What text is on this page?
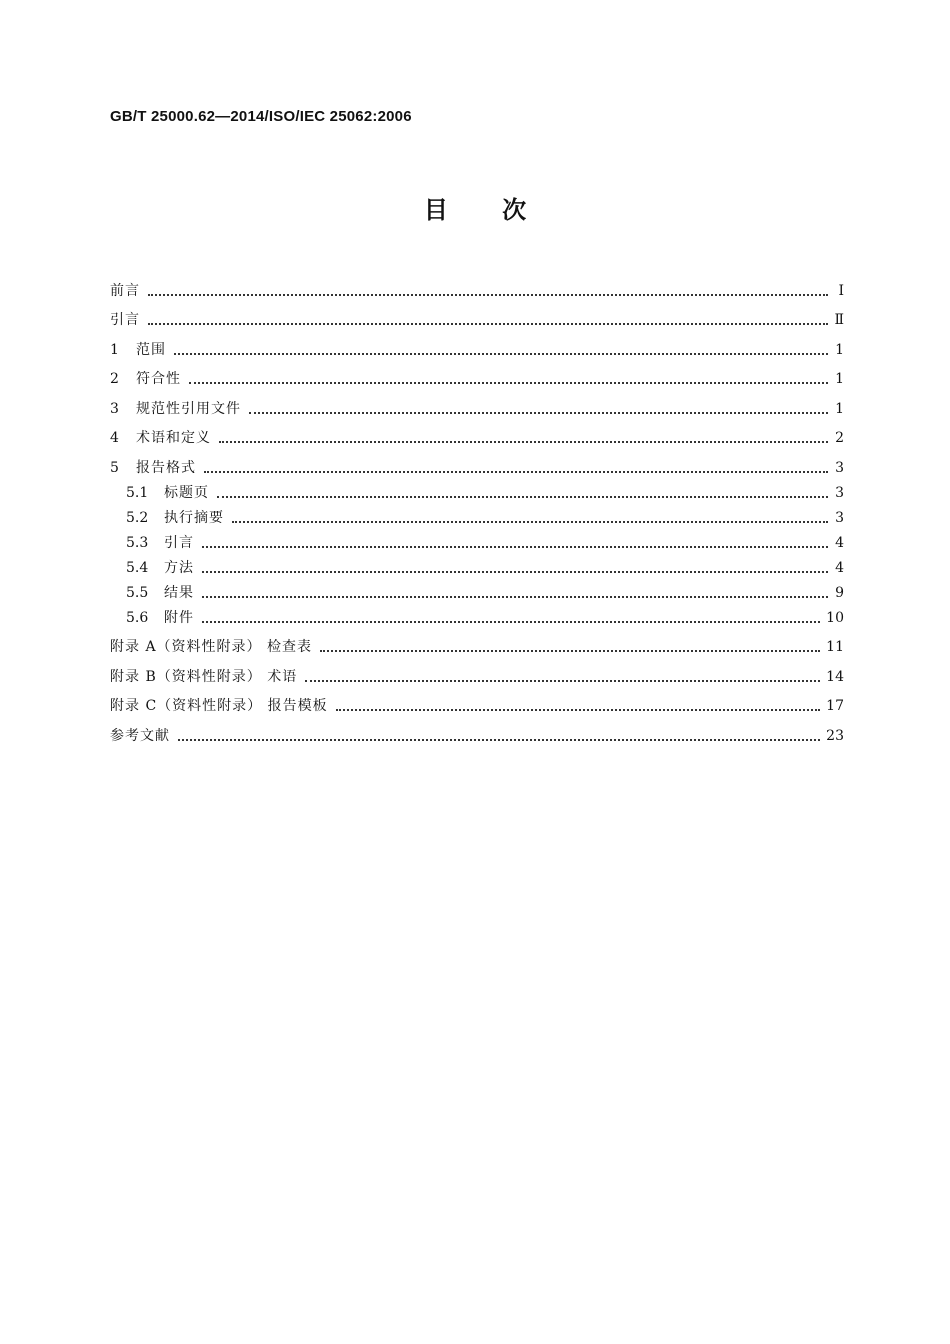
GB/T 25000.62—2014/ISO/IEC 25062:2006
目 次
前言	Ⅰ
引言	Ⅱ
1	范围	1
2	符合性	1
3	规范性引用文件	1
4	术语和定义	2
5	报告格式	3
5.1	标题页	3
5.2	执行摘要	3
5.3	引言	4
5.4	方法	4
5.5	结果	9
5.6	附件	10
附录 A（资料性附录） 检查表	11
附录 B（资料性附录） 术语	14
附录 C（资料性附录） 报告模板	17
参考文献	23
